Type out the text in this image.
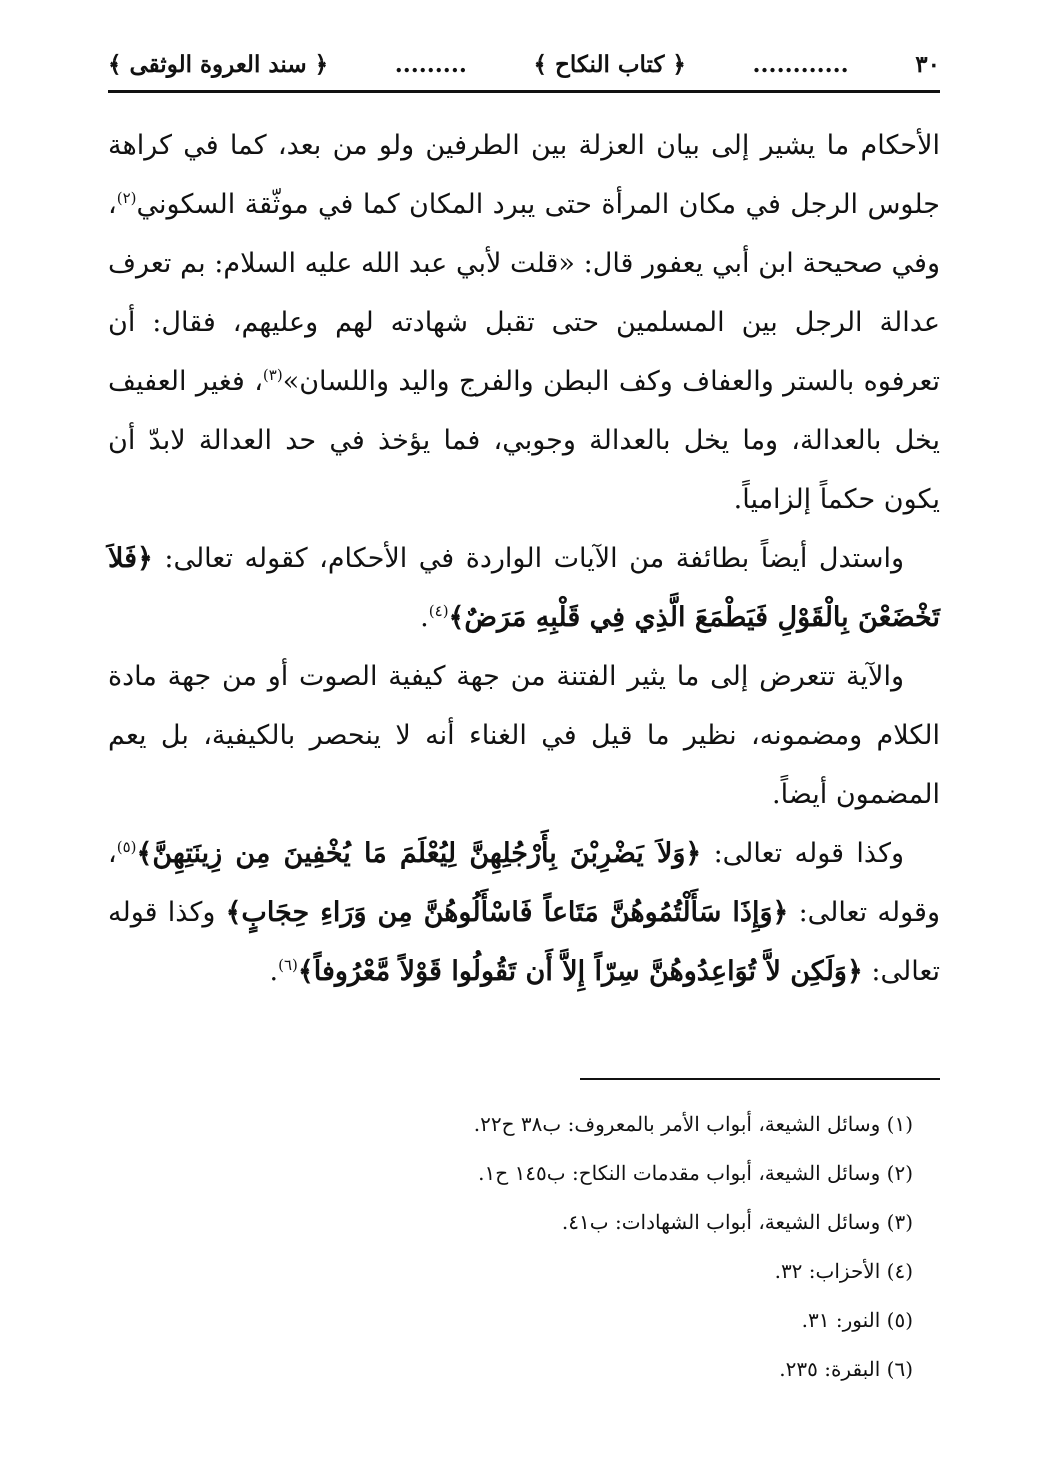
٣٠
............
﴿ كتاب النكاح ﴾
.........
﴿ سند العروة الوثقى ﴾

الأحكام ما يشير إلى بيان العزلة بين الطرفين ولو من بعد، كما في كراهة جلوس الرجل في مكان المرأة حتى يبرد المكان كما في موثّقة السكوني$^{(٢)}$، وفي صحيحة ابن أبي يعفور قال: «قلت لأبي عبد الله عليه السلام: بم تعرف عدالة الرجل بين المسلمين حتى تقبل شهادته لهم وعليهم، فقال: أن تعرفوه بالستر والعفاف وكف البطن والفرج واليد واللسان»$^{(٣)}$، فغير العفيف يخل بالعدالة، وما يخل بالعدالة وجوبي، فما يؤخذ في حد العدالة لابدّ أن يكون حكماً إلزامياً.

واستدل أيضاً بطائفة من الآيات الواردة في الأحكام، كقوله تعالى: ﴿فَلاَ تَخْضَعْنَ بِالْقَوْلِ فَيَطْمَعَ الَّذِي فِي قَلْبِهِ مَرَضٌ﴾$^{(٤)}$.

والآية تتعرض إلى ما يثير الفتنة من جهة كيفية الصوت أو من جهة مادة الكلام ومضمونه، نظير ما قيل في الغناء أنه لا ينحصر بالكيفية، بل يعم المضمون أيضاً.

وكذا قوله تعالى: ﴿وَلاَ يَضْرِبْنَ بِأَرْجُلِهِنَّ لِيُعْلَمَ مَا يُخْفِينَ مِن زِينَتِهِنَّ﴾$^{(٥)}$، وقوله تعالى: ﴿وَإِذَا سَأَلْتُمُوهُنَّ مَتَاعاً فَاسْأَلُوهُنَّ مِن وَرَاءِ حِجَابٍ﴾ وكذا قوله تعالى: ﴿وَلَكِن لاَّ تُوَاعِدُوهُنَّ سِرّاً إِلاَّ أَن تَقُولُوا قَوْلاً مَّعْرُوفاً﴾$^{(٦)}$.

(١) وسائل الشيعة، أبواب الأمر بالمعروف: ب٣٨ ح٢٢.
(٢) وسائل الشيعة، أبواب مقدمات النكاح: ب١٤٥ ح١.
(٣) وسائل الشيعة، أبواب الشهادات: ب٤١.
(٤) الأحزاب: ٣٢.
(٥) النور: ٣١.
(٦) البقرة: ٢٣٥.
